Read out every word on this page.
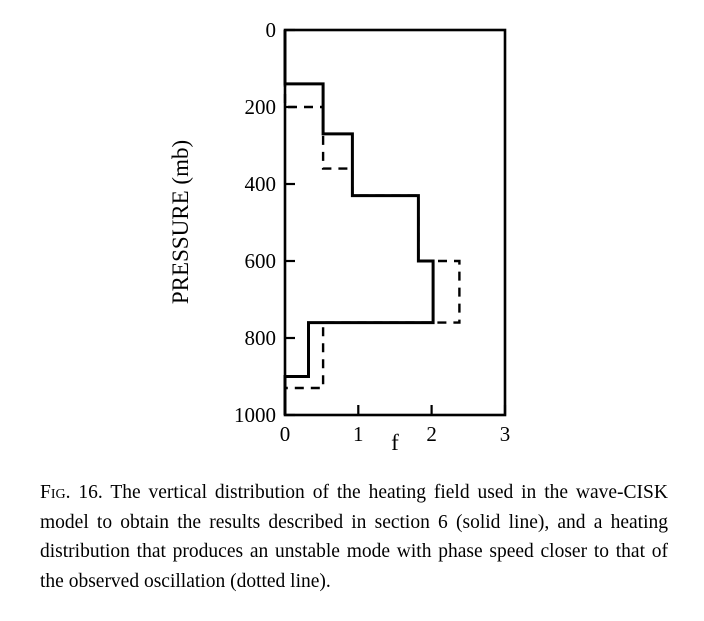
0
200
400
600
800
1000
0	1	2	3
PRESSURE (mb)
f
Fig. 16. The vertical distribution of the heating field used in the wave-CISK model to obtain the results described in section 6 (solid line), and a heating distribution that produces an unstable mode with phase speed closer to that of the observed oscillation (dotted line).
